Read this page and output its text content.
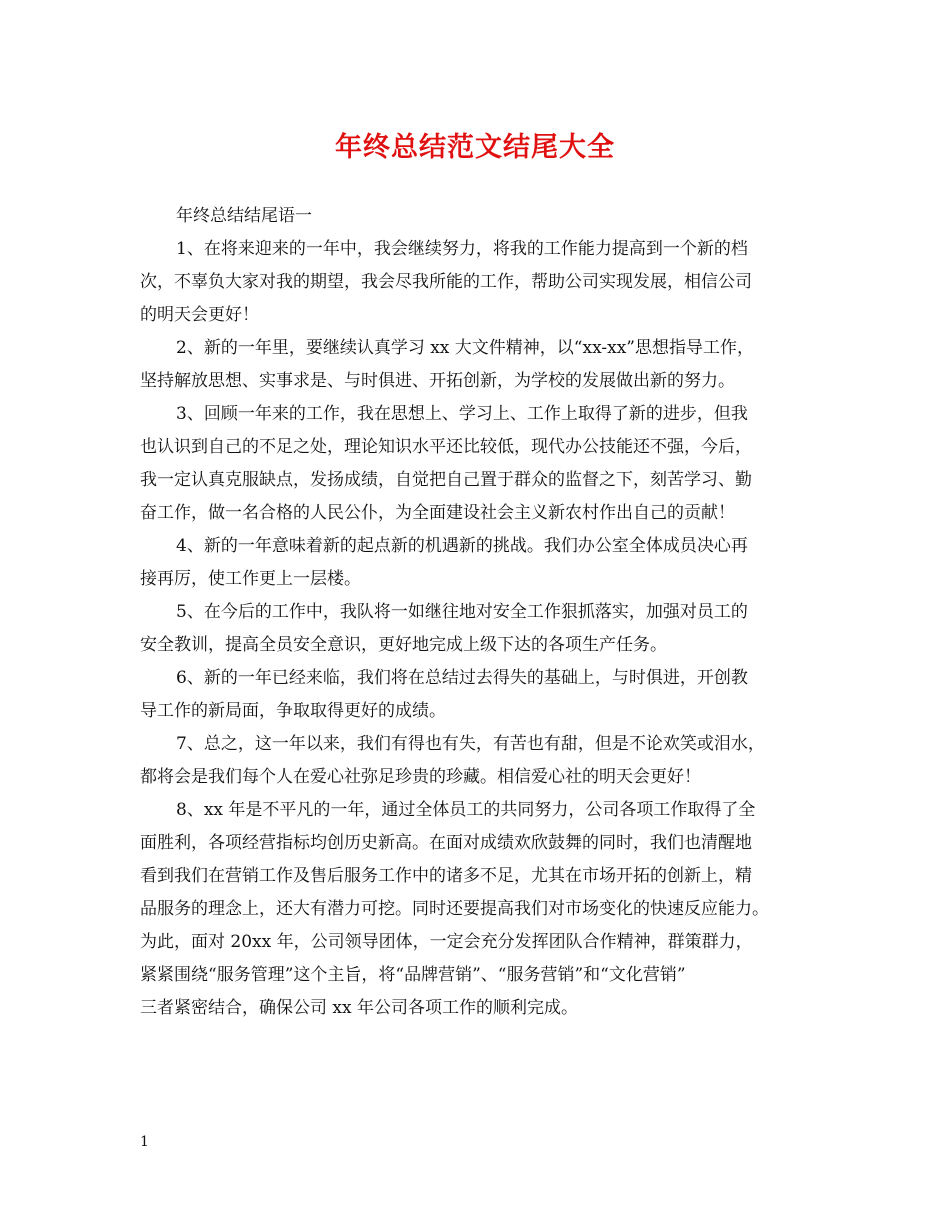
年终总结范文结尾大全
年终总结结尾语一
1、在将来迎来的一年中，我会继续努力，将我的工作能力提高到一个新的档
次，不辜负大家对我的期望，我会尽我所能的工作，帮助公司实现发展，相信公司
的明天会更好！
2、新的一年里，要继续认真学习 xx 大文件精神，以“xx-xx”思想指导工作，
坚持解放思想、实事求是、与时俱进、开拓创新，为学校的发展做出新的努力。
3、回顾一年来的工作，我在思想上、学习上、工作上取得了新的进步，但我
也认识到自己的不足之处，理论知识水平还比较低，现代办公技能还不强，今后，
我一定认真克服缺点，发扬成绩，自觉把自己置于群众的监督之下，刻苦学习、勤
奋工作，做一名合格的人民公仆，为全面建设社会主义新农村作出自己的贡献！
4、新的一年意味着新的起点新的机遇新的挑战。我们办公室全体成员决心再
接再厉，使工作更上一层楼。
5、在今后的工作中，我队将一如继往地对安全工作狠抓落实，加强对员工的
安全教训，提高全员安全意识，更好地完成上级下达的各项生产任务。
6、新的一年已经来临，我们将在总结过去得失的基础上，与时俱进，开创教
导工作的新局面，争取取得更好的成绩。
7、总之，这一年以来，我们有得也有失，有苦也有甜，但是不论欢笑或泪水，
都将会是我们每个人在爱心社弥足珍贵的珍藏。相信爱心社的明天会更好！
8、xx 年是不平凡的一年，通过全体员工的共同努力，公司各项工作取得了全
面胜利，各项经营指标均创历史新高。在面对成绩欢欣鼓舞的同时，我们也清醒地
看到我们在营销工作及售后服务工作中的诸多不足，尤其在市场开拓的创新上，精
品服务的理念上，还大有潜力可挖。同时还要提高我们对市场变化的快速反应能力。
为此，面对 20xx 年，公司领导团体，一定会充分发挥团队合作精神，群策群力，
紧紧围绕“服务管理”这个主旨，将“品牌营销”、“服务营销”和“文化营销”
三者紧密结合，确保公司 xx 年公司各项工作的顺利完成。
1
